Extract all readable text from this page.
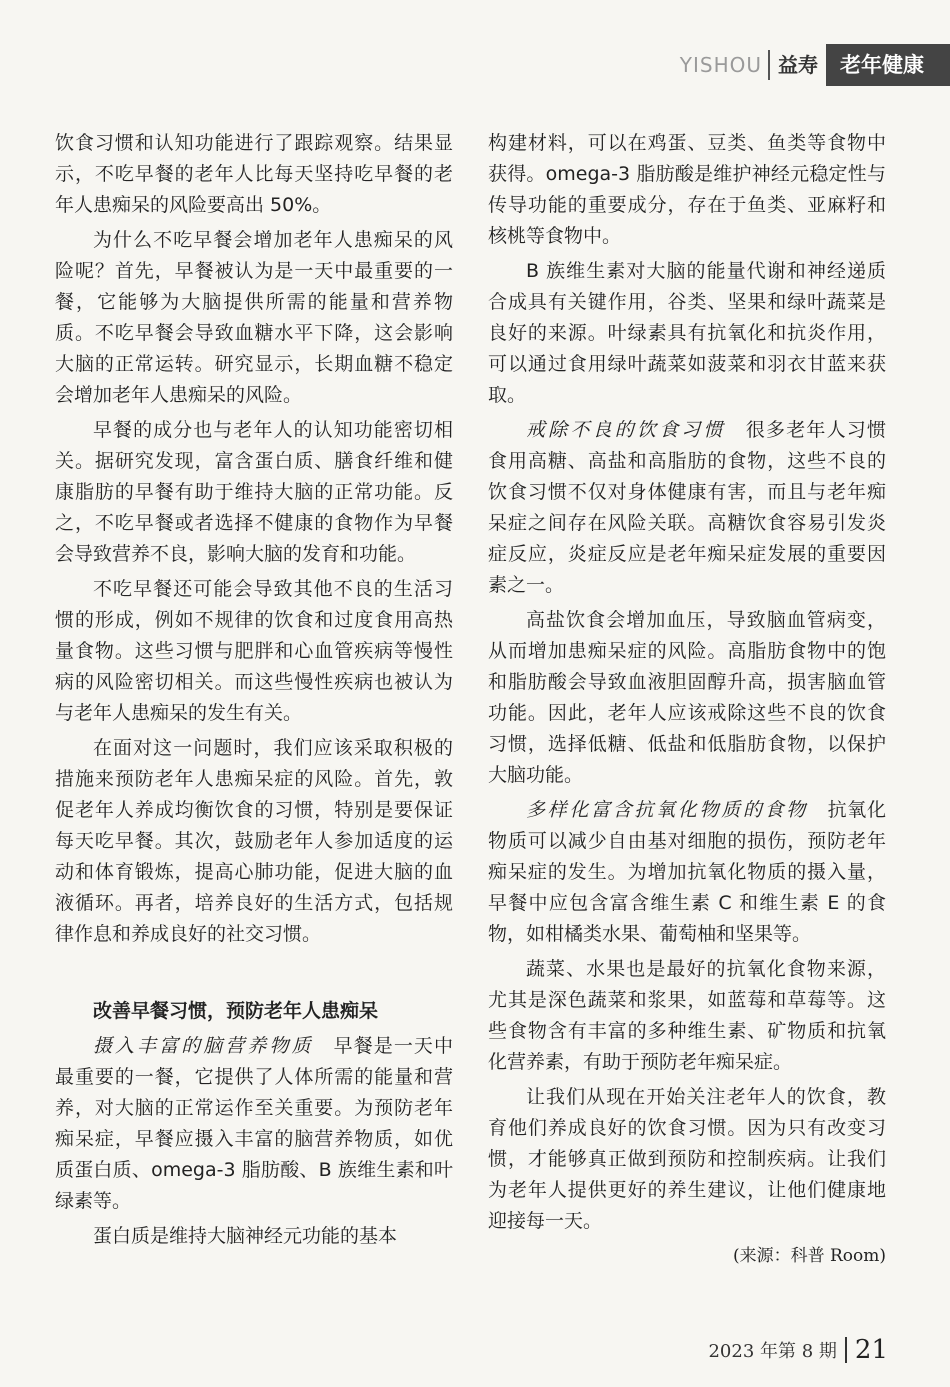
YISHOU 益寿	老年健康

饮食习惯和认知功能进行了跟踪观察。结果显示，不吃早餐的老年人比每天坚持吃早餐的老年人患痴呆的风险要高出 50%。

为什么不吃早餐会增加老年人患痴呆的风险呢？首先，早餐被认为是一天中最重要的一餐，它能够为大脑提供所需的能量和营养物质。不吃早餐会导致血糖水平下降，这会影响大脑的正常运转。研究显示，长期血糖不稳定会增加老年人患痴呆的风险。

早餐的成分也与老年人的认知功能密切相关。据研究发现，富含蛋白质、膳食纤维和健康脂肪的早餐有助于维持大脑的正常功能。反之，不吃早餐或者选择不健康的食物作为早餐会导致营养不良，影响大脑的发育和功能。

不吃早餐还可能会导致其他不良的生活习惯的形成，例如不规律的饮食和过度食用高热量食物。这些习惯与肥胖和心血管疾病等慢性病的风险密切相关。而这些慢性疾病也被认为与老年人患痴呆的发生有关。

在面对这一问题时，我们应该采取积极的措施来预防老年人患痴呆症的风险。首先，敦促老年人养成均衡饮食的习惯，特别是要保证每天吃早餐。其次，鼓励老年人参加适度的运动和体育锻炼，提高心肺功能，促进大脑的血液循环。再者，培养良好的生活方式，包括规律作息和养成良好的社交习惯。

改善早餐习惯，预防老年人患痴呆

摄入丰富的脑营养物质  早餐是一天中最重要的一餐，它提供了人体所需的能量和营养，对大脑的正常运作至关重要。为预防老年痴呆症，早餐应摄入丰富的脑营养物质，如优质蛋白质、omega-3 脂肪酸、B 族维生素和叶绿素等。

蛋白质是维持大脑神经元功能的基本

构建材料，可以在鸡蛋、豆类、鱼类等食物中获得。omega-3 脂肪酸是维护神经元稳定性与传导功能的重要成分，存在于鱼类、亚麻籽和核桃等食物中。

B 族维生素对大脑的能量代谢和神经递质合成具有关键作用，谷类、坚果和绿叶蔬菜是良好的来源。叶绿素具有抗氧化和抗炎作用，可以通过食用绿叶蔬菜如菠菜和羽衣甘蓝来获取。

戒除不良的饮食习惯  很多老年人习惯食用高糖、高盐和高脂肪的食物，这些不良的饮食习惯不仅对身体健康有害，而且与老年痴呆症之间存在风险关联。高糖饮食容易引发炎症反应，炎症反应是老年痴呆症发展的重要因素之一。

高盐饮食会增加血压，导致脑血管病变，从而增加患痴呆症的风险。高脂肪食物中的饱和脂肪酸会导致血液胆固醇升高，损害脑血管功能。因此，老年人应该戒除这些不良的饮食习惯，选择低糖、低盐和低脂肪食物，以保护大脑功能。

多样化富含抗氧化物质的食物  抗氧化物质可以减少自由基对细胞的损伤，预防老年痴呆症的发生。为增加抗氧化物质的摄入量，早餐中应包含富含维生素 C 和维生素 E 的食物，如柑橘类水果、葡萄柚和坚果等。

蔬菜、水果也是最好的抗氧化食物来源，尤其是深色蔬菜和浆果，如蓝莓和草莓等。这些食物含有丰富的多种维生素、矿物质和抗氧化营养素，有助于预防老年痴呆症。

让我们从现在开始关注老年人的饮食，教育他们养成良好的饮食习惯。因为只有改变习惯，才能够真正做到预防和控制疾病。让我们为老年人提供更好的养生建议，让他们健康地迎接每一天。

(来源：科普 Room)

2023 年第 8 期 21
